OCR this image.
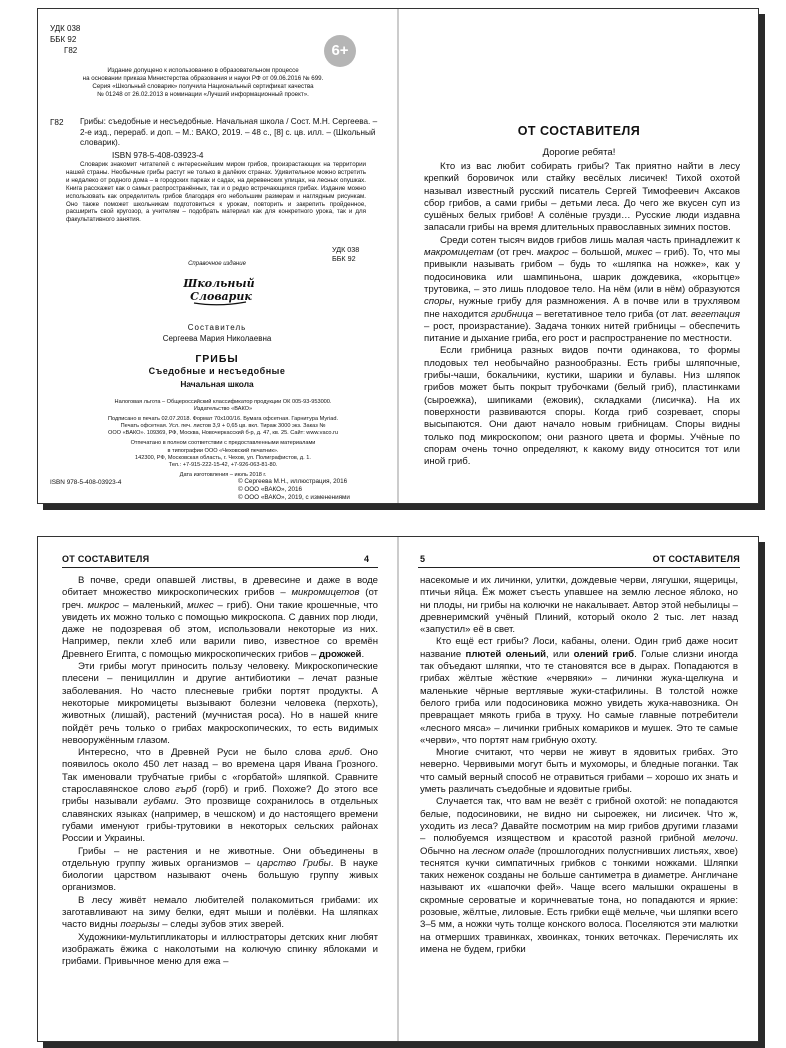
УДК 038
ББК 92
Г82	6+

Издание допущено к использованию в образовательном процессе

на основании приказа Министерства образования и науки РФ от 09.06.2016 № 699.

Серия «Школьный словарик» получила Национальный сертификат качества

№ 01248 от 26.02.2013 в номинации «Лучший информационный проект».

Г82 Грибы: съедобные и несъедобные. Начальная школа / Сост. М.Н. Сергеева. – 2-е изд., перераб. и доп. – М.: ВАКО, 2019. – 48 с., [8] с. цв. илл. – (Школьный словарик).
ISBN 978-5-408-03923-4

Словарик знакомит читателей с интереснейшим миром грибов, произрастающих на территории нашей страны. Необычные грибы растут не только в далёких странах. Удивительное можно встретить и недалеко от родного дома – в городских парках и садах, на деревенских улицах, на лесных опушках. Книга расскажет как о самых распространённых, так и о редко встречающихся грибах. Издание можно использовать как определитель грибов благодаря его небольшим размерам и наглядным рисункам. Оно также поможет школьникам подготовиться к урокам, повторить и закрепить пройденное, расширить свой кругозор, а учителям – подобрать материал как для конкретного урока, так и для факультативного занятия.

УДК 038
ББК 92
Справочное издание
Школьный
Словарик
Составитель
Сергеева Мария Николаевна
ГРИБЫ
Съедобные и несъедобные
Начальная школа

Налоговая льгота – Общероссийский классификатор продукции ОК 005-93-953000.

Издательство «ВАКО»

Подписано в печать 02.07.2018. Формат 70x100/16. Бумага офсетная. Гарнитура Myriad.

Печать офсетная. Усл. печ. листов 3,9 + 0,65 цв. вкл. Тираж 3000 экз. Заказ №

ООО «ВАКО». 109369, РФ, Москва, Новочеркасский б-р, д. 47, кв. 25. Сайт: www.vaco.ru

Отпечатано в полном соответствии с предоставленными материалами

в типографии ООО «Чеховский печатник».

142300, РФ, Московская область, г. Чехов, ул. Полиграфистов, д. 1.

Тел.: +7-915-222-15-42, +7-926-063-81-80.

Дата изготовления – июль 2018 г.

ISBN 978-5-408-03923-4	© Сергеева М.Н., иллюстрация, 2016
© ООО «ВАКО», 2016
© ООО «ВАКО», 2019, с изменениями
ОТ СОСТАВИТЕЛЯ
Дорогие ребята!

Кто из вас любит собирать грибы? Так приятно найти в лесу крепкий боровичок или стайку весёлых лисичек! Тихой охотой называл известный русский писатель Сергей Тимофеевич Аксаков сбор грибов, а сами грибы – детьми леса. До чего же вкусен суп из сушёных белых грибов! А солёные грузди… Русские люди издавна запасали грибы на время длительных православных зимних постов.

Среди сотен тысяч видов грибов лишь малая часть принадлежит к макромицетам (от греч. макрос – большой, микес – гриб). То, что мы привыкли называть грибом – будь то «шляпка на ножке», как у подосиновика или шампиньона, шарик дождевика, «корытце» трутовика, – это лишь плодовое тело. На нём (или в нём) образуются споры, нужные грибу для размножения. А в почве или в трухлявом пне находится грибница – вегетативное тело гриба (от лат. вегетация – рост, произрастание). Задача тонких нитей грибницы – обеспечить питание и дыхание гриба, его рост и распространение по местности.

Если грибница разных видов почти одинакова, то формы плодовых тел необычайно разнообразны. Есть грибы шляпочные, грибы-чаши, бокальчики, кустики, шарики и булавы. Низ шляпок грибов может быть покрыт трубочками (белый гриб), пластинками (сыроежка), шипиками (ежовик), складками (лисичка). На их поверхности развиваются споры. Когда гриб созревает, споры высыпаются. Они дают начало новым грибницам. Споры видны только под микроскопом; они разного цвета и формы. Учёные по спорам очень точно определяют, к какому виду относится тот или иной гриб.

ОТ СОСТАВИТЕЛЯ	4

В почве, среди опавшей листвы, в древесине и даже в воде обитает множество микроскопических грибов – микромицетов (от греч. микрос – маленький, микес – гриб). Они такие крошечные, что увидеть их можно только с помощью микроскопа. С давних пор люди, даже не подозревая об этом, использовали некоторые из них. Например, пекли хлеб или варили пиво, известное со времён Древнего Египта, с помощью микроскопических грибов – дрожжей.

Эти грибы могут приносить пользу человеку. Микроскопические плесени – пенициллин и другие антибиотики – лечат разные заболевания. Но часто плесневые грибки портят продукты. А некоторые микромицеты вызывают болезни человека (перхоть), животных (лишай), растений (мучнистая роса). Но в нашей книге пойдёт речь только о грибах макроскопических, то есть видимых невооружённым глазом.

Интересно, что в Древней Руси не было слова гриб. Оно появилось около 450 лет назад – во времена царя Ивана Грозного. Так именовали трубчатые грибы с «горбатой» шляпкой. Сравните старославянское слово гърб (горб) и гриб. Похоже? До этого все грибы называли губами. Это прозвище сохранилось в отдельных славянских языках (например, в чешском) и до настоящего времени губами именуют грибы-трутовики в некоторых сельских районах России и Украины.

Грибы – не растения и не животные. Они объединены в отдельную группу живых организмов – царство Грибы. В науке биологии царством называют очень большую группу живых организмов.

В лесу живёт немало любителей полакомиться грибами: их заготавливают на зиму белки, едят мыши и полёвки. На шляпках часто видны погрызы – следы зубов этих зверей.

Художники-мультипликаторы и иллюстраторы детских книг любят изображать ёжика с наколотыми на колючую спинку яблоками и грибами. Привычное меню для ежа –

5	ОТ СОСТАВИТЕЛЯ

насекомые и их личинки, улитки, дождевые черви, лягушки, ящерицы, птичьи яйца. Ёж может съесть упавшее на землю лесное яблоко, но ни плоды, ни грибы на колючки не накалывает. Автор этой небылицы – древнеримский учёный Плиний, который около 2 тыс. лет назад «запустил» её в свет.

Кто ещё ест грибы? Лоси, кабаны, олени. Один гриб даже носит название плютей оленьий, или олений гриб. Голые слизни иногда так объедают шляпки, что те становятся все в дырах. Попадаются в грибах жёлтые жёсткие «червяки» – личинки жука-щелкуна и маленькие чёрные вертлявые жуки-стафилины. В толстой ножке белого гриба или подосиновика можно увидеть жука-навозника. Он превращает мякоть гриба в труху. Но самые главные потребители «лесного мяса» – личинки грибных комариков и мушек. Это те самые «черви», что портят нам грибную охоту.

Многие считают, что черви не живут в ядовитых грибах. Это неверно. Червивыми могут быть и мухоморы, и бледные поганки. Так что самый верный способ не отравиться грибами – хорошо их знать и уметь различать съедобные и ядовитые грибы.

Случается так, что вам не везёт с грибной охотой: не попадаются белые, подосиновики, не видно ни сыроежек, ни лисичек. Что ж, уходить из леса? Давайте посмотрим на мир грибов другими глазами – полюбуемся изяществом и красотой разной грибной мелочи. Обычно на лесном опаде (прошлогодних полусгнивших листьях, хвое) теснятся кучки симпатичных грибков с тонкими ножками. Шляпки таких неженок созданы не больше сантиметра в диаметре. Англичане называют их «шапочки фей». Чаще всего малышки окрашены в скромные сероватые и коричневатые тона, но попадаются и яркие: розовые, жёлтые, лиловые. Есть грибки ещё мельче, чьи шляпки всего 3–5 мм, а ножки чуть толще конского волоса. Поселяются эти малютки на отмерших травинках, хвоинках, тонких веточках. Перечислять их имена не будем, грибки
